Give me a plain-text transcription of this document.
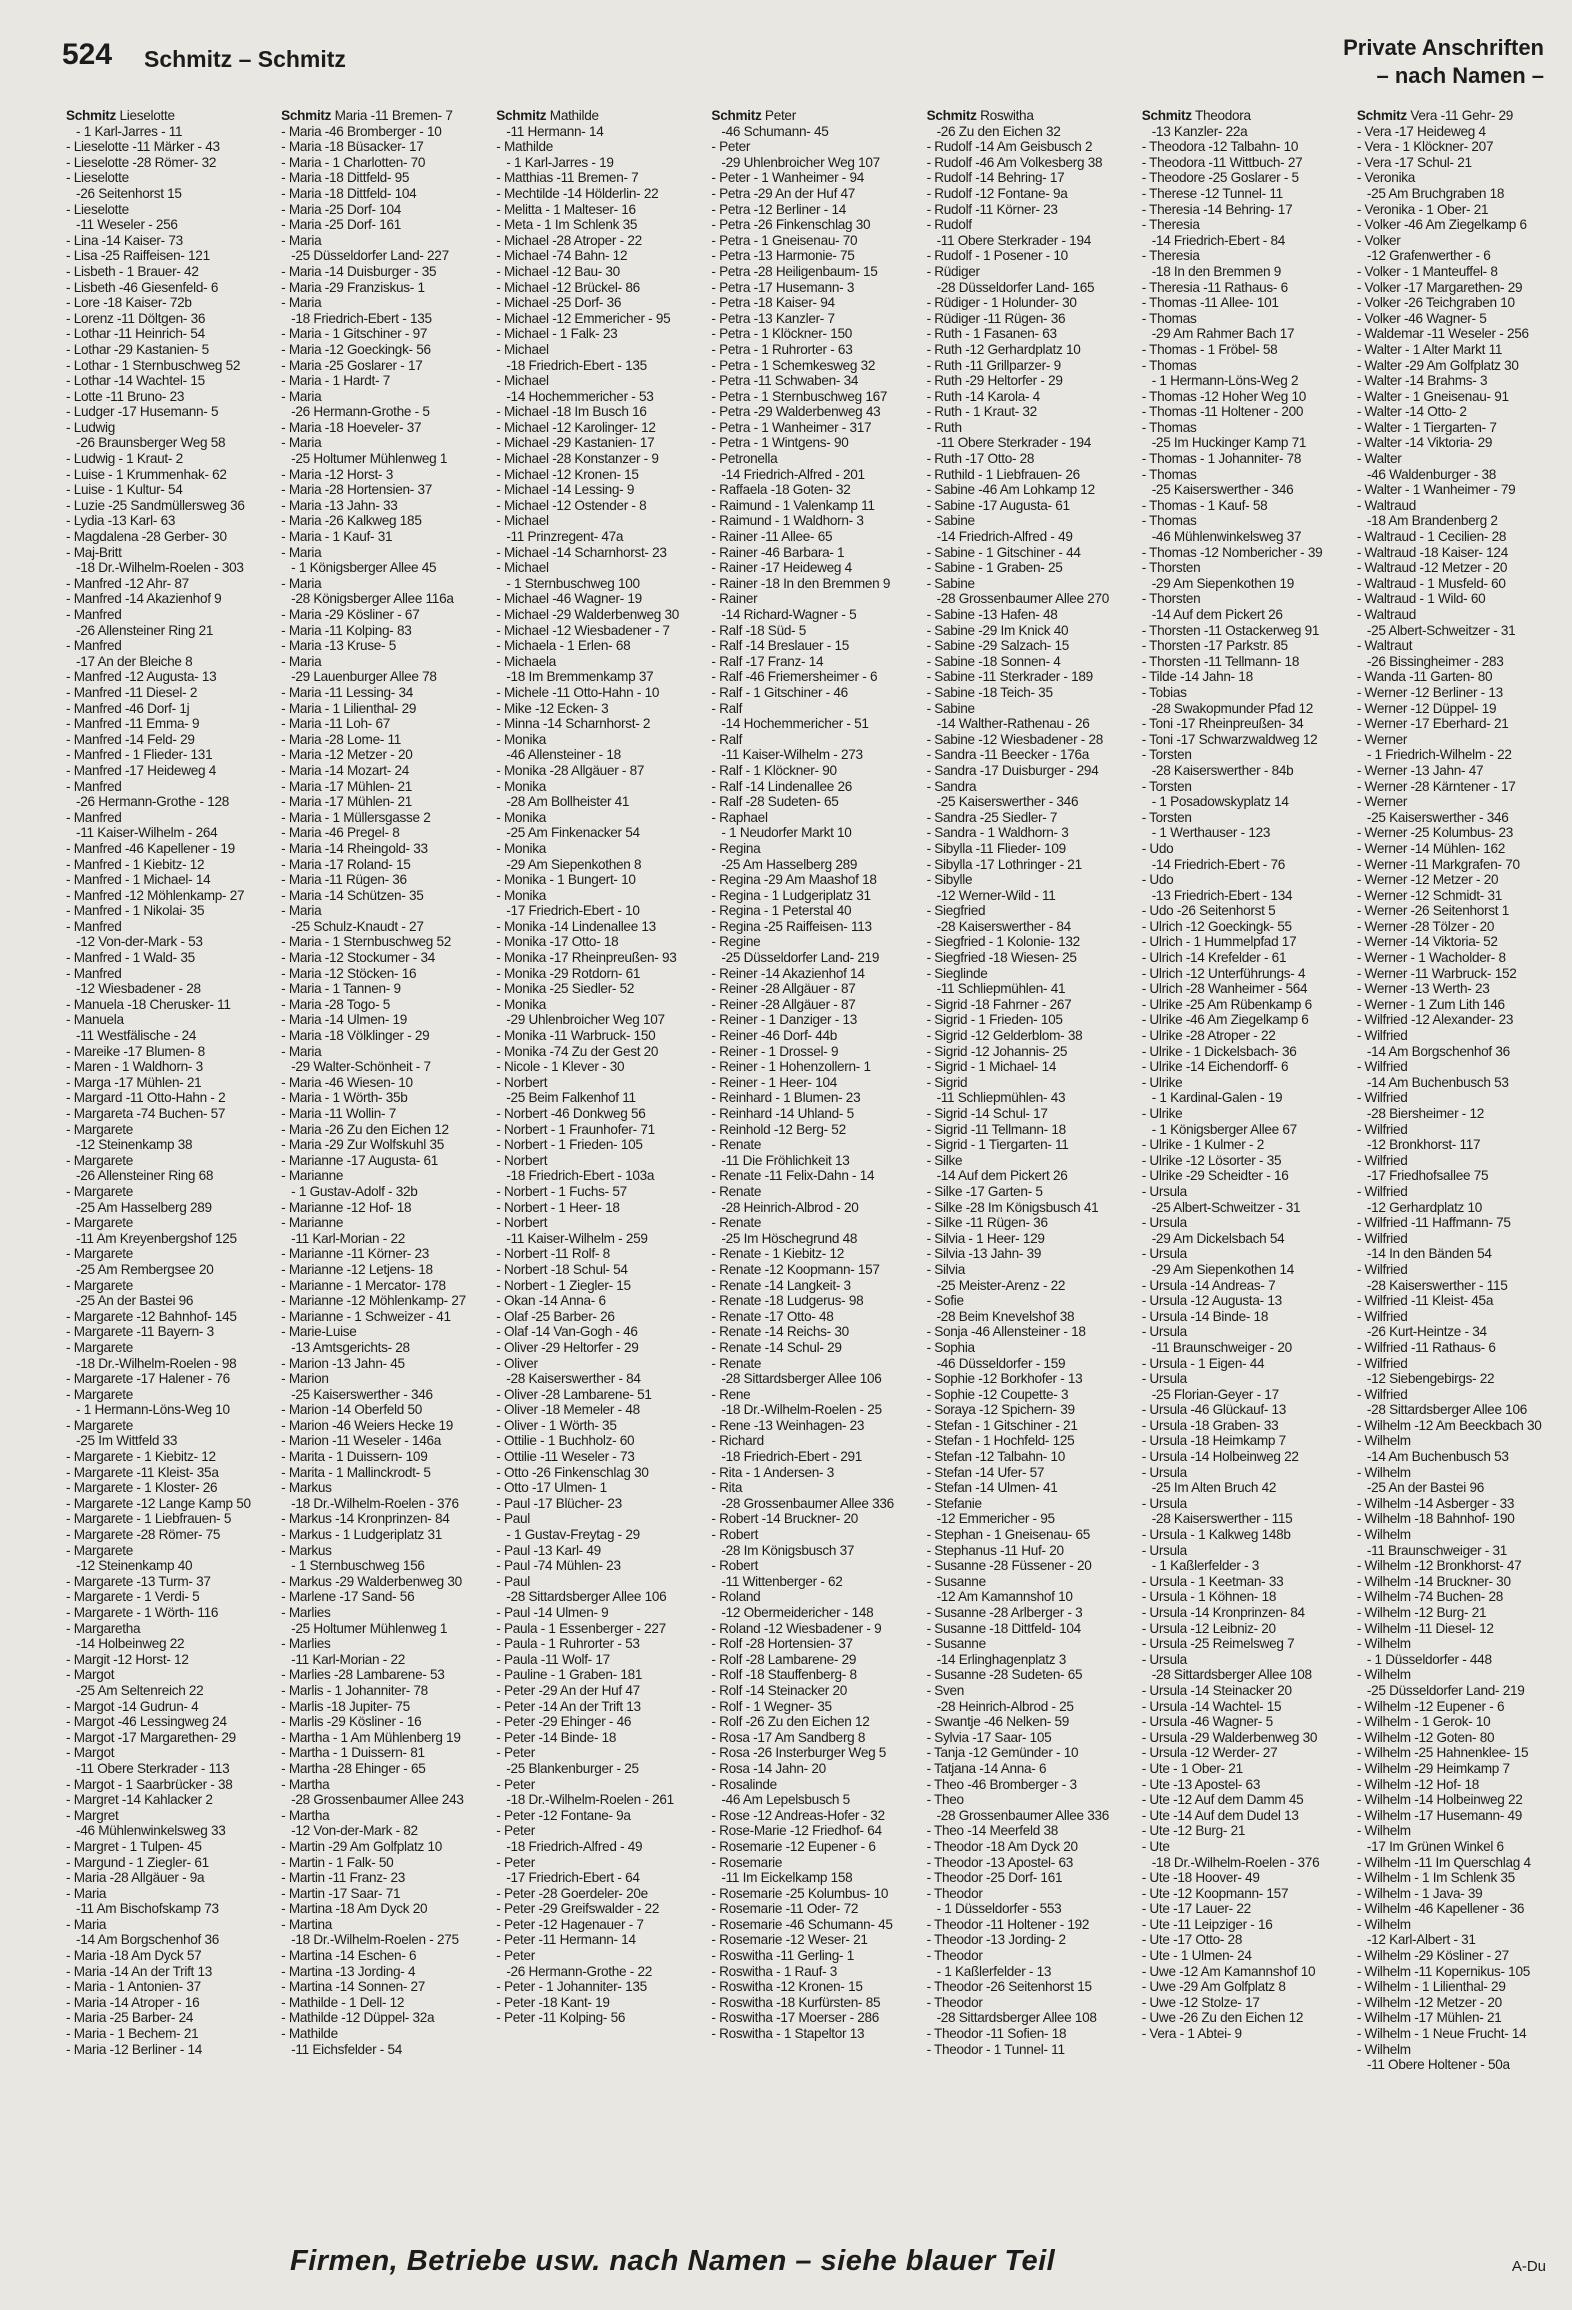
524 Schmitz – Schmitz	Private Anschriften
– nach Namen –
Schmitz Lieselotte
- 1 Karl-Jarres - 11
- Lieselotte -11 Märker - 43
- Lieselotte -28 Römer- 32
- Lieselotte
-26 Seitenhorst 15
- Lieselotte
-11 Weseler - 256
- Lina -14 Kaiser- 73
- Lisa -25 Raiffeisen- 121
- Lisbeth - 1 Brauer- 42
- Lisbeth -46 Giesenfeld- 6
- Lore -18 Kaiser- 72b
- Lorenz -11 Döltgen- 36
- Lothar -11 Heinrich- 54
- Lothar -29 Kastanien- 5
- Lothar - 1 Sternbuschweg 52
- Lothar -14 Wachtel- 15
- Lotte -11 Bruno- 23
- Ludger -17 Husemann- 5
- Ludwig
-26 Braunsberger Weg 58
- Ludwig - 1 Kraut- 2
- Luise - 1 Krummenhak- 62
- Luise - 1 Kultur- 54
- Luzie -25 Sandmüllersweg 36
- Lydia -13 Karl- 63
- Magdalena -28 Gerber- 30
- Maj-Britt
-18 Dr.-Wilhelm-Roelen - 303
- Manfred -12 Ahr- 87
- Manfred -14 Akazienhof 9
- Manfred
-26 Allensteiner Ring 21
- Manfred
-17 An der Bleiche 8
- Manfred -12 Augusta- 13
- Manfred -11 Diesel- 2
- Manfred -46 Dorf- 1j
- Manfred -11 Emma- 9
- Manfred -14 Feld- 29
- Manfred - 1 Flieder- 131
- Manfred -17 Heideweg 4
- Manfred
-26 Hermann-Grothe - 128
- Manfred
-11 Kaiser-Wilhelm - 264
- Manfred -46 Kapellener - 19
- Manfred - 1 Kiebitz- 12
- Manfred - 1 Michael- 14
- Manfred -12 Möhlenkamp- 27
- Manfred - 1 Nikolai- 35
- Manfred
-12 Von-der-Mark - 53
- Manfred - 1 Wald- 35
- Manfred
-12 Wiesbadener - 28
- Manuela -18 Cherusker- 11
- Manuela
-11 Westfälische - 24
- Mareike -17 Blumen- 8
- Maren - 1 Waldhorn- 3
- Marga -17 Mühlen- 21
- Margard -11 Otto-Hahn - 2
- Margareta -74 Buchen- 57
- Margarete
-12 Steinenkamp 38
- Margarete
-26 Allensteiner Ring 68
- Margarete
-25 Am Hasselberg 289
- Margarete
-11 Am Kreyenbergshof 125
- Margarete
-25 Am Rembergsee 20
- Margarete
-25 An der Bastei 96
- Margarete -12 Bahnhof- 145
- Margarete -11 Bayern- 3
- Margarete
-18 Dr.-Wilhelm-Roelen - 98
- Margarete -17 Halener - 76
- Margarete
- 1 Hermann-Löns-Weg 10
- Margarete
-25 Im Wittfeld 33
- Margarete - 1 Kiebitz- 12
- Margarete -11 Kleist- 35a
- Margarete - 1 Kloster- 26
- Margarete -12 Lange Kamp 50
- Margarete - 1 Liebfrauen- 5
- Margarete -28 Römer- 75
- Margarete
-12 Steinenkamp 40
- Margarete -13 Turm- 37
- Margarete - 1 Verdi- 5
- Margarete - 1 Wörth- 116
- Margaretha
-14 Holbeinweg 22
- Margit -12 Horst- 12
- Margot
-25 Am Seltenreich 22
- Margot -14 Gudrun- 4
- Margot -46 Lessingweg 24
- Margot -17 Margarethen- 29
- Margot
-11 Obere Sterkrader - 113
- Margot - 1 Saarbrücker - 38
- Margret -14 Kahlacker 2
- Margret
-46 Mühlenwinkelsweg 33
- Margret - 1 Tulpen- 45
- Margund - 1 Ziegler- 61
- Maria -28 Allgäuer - 9a
- Maria
-11 Am Bischofskamp 73
- Maria
-14 Am Borgschenhof 36
- Maria -18 Am Dyck 57
- Maria -14 An der Trift 13
- Maria - 1 Antonien- 37
- Maria -14 Atroper - 16
- Maria -25 Barber- 24
- Maria - 1 Bechem- 21
- Maria -12 Berliner - 14
Schmitz Maria -11 Bremen- 7
- Maria -46 Bromberger - 10
- Maria -18 Büsacker- 17
- Maria - 1 Charlotten- 70
- Maria -18 Dittfeld- 95
- Maria -18 Dittfeld- 104
- Maria -25 Dorf- 104
- Maria -25 Dorf- 161
- Maria
-25 Düsseldorfer Land- 227
- Maria -14 Duisburger - 35
- Maria -29 Franziskus- 1
- Maria
-18 Friedrich-Ebert - 135
- Maria - 1 Gitschiner - 97
- Maria -12 Goeckingk- 56
- Maria -25 Goslarer - 17
- Maria - 1 Hardt- 7
- Maria
-26 Hermann-Grothe - 5
- Maria -18 Hoeveler- 37
- Maria
-25 Holtumer Mühlenweg 1
- Maria -12 Horst- 3
- Maria -28 Hortensien- 37
- Maria -13 Jahn- 33
- Maria -26 Kalkweg 185
- Maria - 1 Kauf- 31
- Maria
- 1 Königsberger Allee 45
- Maria
-28 Königsberger Allee 116a
- Maria -29 Kösliner - 67
- Maria -11 Kolping- 83
- Maria -13 Kruse- 5
- Maria
-29 Lauenburger Allee 78
- Maria -11 Lessing- 34
- Maria - 1 Lilienthal- 29
- Maria -11 Loh- 67
- Maria -28 Lome- 11
- Maria -12 Metzer - 20
- Maria -14 Mozart- 24
- Maria -17 Mühlen- 21
- Maria -17 Mühlen- 21
- Maria - 1 Müllersgasse 2
- Maria -46 Pregel- 8
- Maria -14 Rheingold- 33
- Maria -17 Roland- 15
- Maria -11 Rügen- 36
- Maria -14 Schützen- 35
- Maria
-25 Schulz-Knaudt - 27
- Maria - 1 Sternbuschweg 52
- Maria -12 Stockumer - 34
- Maria -12 Stöcken- 16
- Maria - 1 Tannen- 9
- Maria -28 Togo- 5
- Maria -14 Ulmen- 19
- Maria -18 Völklinger - 29
- Maria
-29 Walter-Schönheit - 7
- Maria -46 Wiesen- 10
- Maria - 1 Wörth- 35b
- Maria -11 Wollin- 7
- Maria -26 Zu den Eichen 12
- Maria -29 Zur Wolfskuhl 35
- Marianne -17 Augusta- 61
- Marianne
- 1 Gustav-Adolf - 32b
- Marianne -12 Hof- 18
- Marianne
-11 Karl-Morian - 22
- Marianne -11 Körner- 23
- Marianne -12 Letjens- 18
- Marianne - 1 Mercator- 178
- Marianne -12 Möhlenkamp- 27
- Marianne - 1 Schweizer - 41
- Marie-Luise
-13 Amtsgerichts- 28
- Marion -13 Jahn- 45
- Marion
-25 Kaiserswerther - 346
- Marion -14 Oberfeld 50
- Marion -46 Weiers Hecke 19
- Marion -11 Weseler - 146a
- Marita - 1 Duissern- 109
- Marita - 1 Mallinckrodt- 5
- Markus
-18 Dr.-Wilhelm-Roelen - 376
- Markus -14 Kronprinzen- 84
- Markus - 1 Ludgeriplatz 31
- Markus
- 1 Sternbuschweg 156
- Markus -29 Walderbenweg 30
- Marlene -17 Sand- 56
- Marlies
-25 Holtumer Mühlenweg 1
- Marlies
-11 Karl-Morian - 22
- Marlies -28 Lambarene- 53
- Marlis - 1 Johanniter- 78
- Marlis -18 Jupiter- 75
- Marlis -29 Kösliner - 16
- Martha - 1 Am Mühlenberg 19
- Martha - 1 Duissern- 81
- Martha -28 Ehinger - 65
- Martha
-28 Grossenbaumer Allee 243
- Martha
-12 Von-der-Mark - 82
- Martin -29 Am Golfplatz 10
- Martin - 1 Falk- 50
- Martin -11 Franz- 23
- Martin -17 Saar- 71
- Martina -18 Am Dyck 20
- Martina
-18 Dr.-Wilhelm-Roelen - 275
- Martina -14 Eschen- 6
- Martina -13 Jording- 4
- Martina -14 Sonnen- 27
- Mathilde - 1 Dell- 12
- Mathilde -12 Düppel- 32a
- Mathilde
-11 Eichsfelder - 54
Schmitz Mathilde
-11 Hermann- 14
- Mathilde
- 1 Karl-Jarres - 19
- Matthias -11 Bremen- 7
- Mechtilde -14 Hölderlin- 22
- Melitta - 1 Malteser- 16
- Meta - 1 Im Schlenk 35
- Michael -28 Atroper - 22
- Michael -74 Bahn- 12
- Michael -12 Bau- 30
- Michael -12 Brückel- 86
- Michael -25 Dorf- 36
- Michael -12 Emmericher - 95
- Michael - 1 Falk- 23
- Michael
-18 Friedrich-Ebert - 135
- Michael
-14 Hochemmericher - 53
- Michael -18 Im Busch 16
- Michael -12 Karolinger- 12
- Michael -29 Kastanien- 17
- Michael -28 Konstanzer - 9
- Michael -12 Kronen- 15
- Michael -14 Lessing- 9
- Michael -12 Ostender - 8
- Michael
-11 Prinzregent- 47a
- Michael -14 Scharnhorst- 23
- Michael
- 1 Sternbuschweg 100
- Michael -46 Wagner- 19
- Michael -29 Walderbenweg 30
- Michael -12 Wiesbadener - 7
- Michaela - 1 Erlen- 68
- Michaela
-18 Im Bremmenkamp 37
- Michele -11 Otto-Hahn - 10
- Mike -12 Ecken- 3
- Minna -14 Scharnhorst- 2
- Monika
-46 Allensteiner - 18
- Monika -28 Allgäuer - 87
- Monika
-28 Am Bollheister 41
- Monika
-25 Am Finkenacker 54
- Monika
-29 Am Siepenkothen 8
- Monika - 1 Bungert- 10
- Monika
-17 Friedrich-Ebert - 10
- Monika -14 Lindenallee 13
- Monika -17 Otto- 18
- Monika -17 Rheinpreußen- 93
- Monika -29 Rotdorn- 61
- Monika -25 Siedler- 52
- Monika
-29 Uhlenbroicher Weg 107
- Monika -11 Warbruck- 150
- Monika -74 Zu der Gest 20
- Nicole - 1 Klever - 30
- Norbert
-25 Beim Falkenhof 11
- Norbert -46 Donkweg 56
- Norbert - 1 Fraunhofer- 71
- Norbert - 1 Frieden- 105
- Norbert
-18 Friedrich-Ebert - 103a
- Norbert - 1 Fuchs- 57
- Norbert - 1 Heer- 18
- Norbert
-11 Kaiser-Wilhelm - 259
- Norbert -11 Rolf- 8
- Norbert -18 Schul- 54
- Norbert - 1 Ziegler- 15
- Okan -14 Anna- 6
- Olaf -25 Barber- 26
- Olaf -14 Van-Gogh - 46
- Oliver -29 Heltorfer - 29
- Oliver
-28 Kaiserswerther - 84
- Oliver -28 Lambarene- 51
- Oliver -18 Memeler - 48
- Oliver - 1 Wörth- 35
- Ottilie - 1 Buchholz- 60
- Ottilie -11 Weseler - 73
- Otto -26 Finkenschlag 30
- Otto -17 Ulmen- 1
- Paul -17 Blücher- 23
- Paul
- 1 Gustav-Freytag - 29
- Paul -13 Karl- 49
- Paul -74 Mühlen- 23
- Paul
-28 Sittardsberger Allee 106
- Paul -14 Ulmen- 9
- Paula - 1 Essenberger - 227
- Paula - 1 Ruhrorter - 53
- Paula -11 Wolf- 17
- Pauline - 1 Graben- 181
- Peter -29 An der Huf 47
- Peter -14 An der Trift 13
- Peter -29 Ehinger - 46
- Peter -14 Binde- 18
- Peter
-25 Blankenburger - 25
- Peter
-18 Dr.-Wilhelm-Roelen - 261
- Peter -12 Fontane- 9a
- Peter
-18 Friedrich-Alfred - 49
- Peter
-17 Friedrich-Ebert - 64
- Peter -28 Goerdeler- 20e
- Peter -29 Greifswalder - 22
- Peter -12 Hagenauer - 7
- Peter -11 Hermann- 14
- Peter
-26 Hermann-Grothe - 22
- Peter - 1 Johanniter- 135
- Peter -18 Kant- 19
- Peter -11 Kolping- 56
Schmitz Peter
-46 Schumann- 45
- Peter
-29 Uhlenbroicher Weg 107
- Peter - 1 Wanheimer - 94
- Petra -29 An der Huf 47
- Petra -12 Berliner - 14
- Petra -26 Finkenschlag 30
- Petra - 1 Gneisenau- 70
- Petra -13 Harmonie- 75
- Petra -28 Heiligenbaum- 15
- Petra -17 Husemann- 3
- Petra -18 Kaiser- 94
- Petra -13 Kanzler- 7
- Petra - 1 Klöckner- 150
- Petra - 1 Ruhrorter - 63
- Petra - 1 Schemkesweg 32
- Petra -11 Schwaben- 34
- Petra - 1 Sternbuschweg 167
- Petra -29 Walderbenweg 43
- Petra - 1 Wanheimer - 317
- Petra - 1 Wintgens- 90
- Petronella
-14 Friedrich-Alfred - 201
- Raffaela -18 Goten- 32
- Raimund - 1 Valenkamp 11
- Raimund - 1 Waldhorn- 3
- Rainer -11 Allee- 65
- Rainer -46 Barbara- 1
- Rainer -17 Heideweg 4
- Rainer -18 In den Bremmen 9
- Rainer
-14 Richard-Wagner - 5
- Ralf -18 Süd- 5
- Ralf -14 Breslauer - 15
- Ralf -17 Franz- 14
- Ralf -46 Friemersheimer - 6
- Ralf - 1 Gitschiner - 46
- Ralf
-14 Hochemmericher - 51
- Ralf
-11 Kaiser-Wilhelm - 273
- Ralf - 1 Klöckner- 90
- Ralf -14 Lindenallee 26
- Ralf -28 Sudeten- 65
- Raphael
- 1 Neudorfer Markt 10
- Regina
-25 Am Hasselberg 289
- Regina -29 Am Maashof 18
- Regina - 1 Ludgeriplatz 31
- Regina - 1 Peterstal 40
- Regina -25 Raiffeisen- 113
- Regine
-25 Düsseldorfer Land- 219
- Reiner -14 Akazienhof 14
- Reiner -28 Allgäuer - 87
- Reiner -28 Allgäuer - 87
- Reiner - 1 Danziger - 13
- Reiner -46 Dorf- 44b
- Reiner - 1 Drossel- 9
- Reiner - 1 Hohenzollern- 1
- Reiner - 1 Heer- 104
- Reinhard - 1 Blumen- 23
- Reinhard -14 Uhland- 5
- Reinhold -12 Berg- 52
- Renate
-11 Die Fröhlichkeit 13
- Renate -11 Felix-Dahn - 14
- Renate
-28 Heinrich-Albrod - 20
- Renate
-25 Im Höschegrund 48
- Renate - 1 Kiebitz- 12
- Renate -12 Koopmann- 157
- Renate -14 Langkeit- 3
- Renate -18 Ludgerus- 98
- Renate -17 Otto- 48
- Renate -14 Reichs- 30
- Renate -14 Schul- 29
- Renate
-28 Sittardsberger Allee 106
- Rene
-18 Dr.-Wilhelm-Roelen - 25
- Rene -13 Weinhagen- 23
- Richard
-18 Friedrich-Ebert - 291
- Rita - 1 Andersen- 3
- Rita
-28 Grossenbaumer Allee 336
- Robert -14 Bruckner- 20
- Robert
-28 Im Königsbusch 37
- Robert
-11 Wittenberger - 62
- Roland
-12 Obermeidericher - 148
- Roland -12 Wiesbadener - 9
- Rolf -28 Hortensien- 37
- Rolf -28 Lambarene- 29
- Rolf -18 Stauffenberg- 8
- Rolf -14 Steinacker 20
- Rolf - 1 Wegner- 35
- Rolf -26 Zu den Eichen 12
- Rosa -17 Am Sandberg 8
- Rosa -26 Insterburger Weg 5
- Rosa -14 Jahn- 20
- Rosalinde
-46 Am Lepelsbusch 5
- Rose -12 Andreas-Hofer - 32
- Rose-Marie -12 Friedhof- 64
- Rosemarie -12 Eupener - 6
- Rosemarie
-11 Im Eickelkamp 158
- Rosemarie -25 Kolumbus- 10
- Rosemarie -11 Oder- 72
- Rosemarie -46 Schumann- 45
- Rosemarie -12 Weser- 21
- Roswitha -11 Gerling- 1
- Roswitha - 1 Rauf- 3
- Roswitha -12 Kronen- 15
- Roswitha -18 Kurfürsten- 85
- Roswitha -17 Moerser - 286
- Roswitha - 1 Stapeltor 13
Schmitz Roswitha
-26 Zu den Eichen 32
- Rudolf -14 Am Geisbusch 2
- Rudolf -46 Am Volkesberg 38
- Rudolf -14 Behring- 17
- Rudolf -12 Fontane- 9a
- Rudolf -11 Körner- 23
- Rudolf
-11 Obere Sterkrader - 194
- Rudolf - 1 Posener - 10
- Rüdiger
-28 Düsseldorfer Land- 165
- Rüdiger - 1 Holunder- 30
- Rüdiger -11 Rügen- 36
- Ruth - 1 Fasanen- 63
- Ruth -12 Gerhardplatz 10
- Ruth -11 Grillparzer- 9
- Ruth -29 Heltorfer - 29
- Ruth -14 Karola- 4
- Ruth - 1 Kraut- 32
- Ruth
-11 Obere Sterkrader - 194
- Ruth -17 Otto- 28
- Ruthild - 1 Liebfrauen- 26
- Sabine -46 Am Lohkamp 12
- Sabine -17 Augusta- 61
- Sabine
-14 Friedrich-Alfred - 49
- Sabine - 1 Gitschiner - 44
- Sabine - 1 Graben- 25
- Sabine
-28 Grossenbaumer Allee 270
- Sabine -13 Hafen- 48
- Sabine -29 Im Knick 40
- Sabine -29 Salzach- 15
- Sabine -18 Sonnen- 4
- Sabine -11 Sterkrader - 189
- Sabine -18 Teich- 35
- Sabine
-14 Walther-Rathenau - 26
- Sabine -12 Wiesbadener - 28
- Sandra -11 Beecker - 176a
- Sandra -17 Duisburger - 294
- Sandra
-25 Kaiserswerther - 346
- Sandra -25 Siedler- 7
- Sandra - 1 Waldhorn- 3
- Sibylla -11 Flieder- 109
- Sibylla -17 Lothringer - 21
- Sibylle
-12 Werner-Wild - 11
- Siegfried
-28 Kaiserswerther - 84
- Siegfried - 1 Kolonie- 132
- Siegfried -18 Wiesen- 25
- Sieglinde
-11 Schliepmühlen- 41
- Sigrid -18 Fahrner - 267
- Sigrid - 1 Frieden- 105
- Sigrid -12 Gelderblom- 38
- Sigrid -12 Johannis- 25
- Sigrid - 1 Michael- 14
- Sigrid
-11 Schliepmühlen- 43
- Sigrid -14 Schul- 17
- Sigrid -11 Tellmann- 18
- Sigrid - 1 Tiergarten- 11
- Silke
-14 Auf dem Pickert 26
- Silke -17 Garten- 5
- Silke -28 Im Königsbusch 41
- Silke -11 Rügen- 36
- Silvia - 1 Heer- 129
- Silvia -13 Jahn- 39
- Silvia
-25 Meister-Arenz - 22
- Sofie
-28 Beim Knevelshof 38
- Sonja -46 Allensteiner - 18
- Sophia
-46 Düsseldorfer - 159
- Sophie -12 Borkhofer - 13
- Sophie -12 Coupette- 3
- Soraya -12 Spichern- 39
- Stefan - 1 Gitschiner - 21
- Stefan - 1 Hochfeld- 125
- Stefan -12 Talbahn- 10
- Stefan -14 Ufer- 57
- Stefan -14 Ulmen- 41
- Stefanie
-12 Emmericher - 95
- Stephan - 1 Gneisenau- 65
- Stephanus -11 Huf- 20
- Susanne -28 Füssener - 20
- Susanne
-12 Am Kamannshof 10
- Susanne -28 Arlberger - 3
- Susanne -18 Dittfeld- 104
- Susanne
-14 Erlinghagenplatz 3
- Susanne -28 Sudeten- 65
- Sven
-28 Heinrich-Albrod - 25
- Swantje -46 Nelken- 59
- Sylvia -17 Saar- 105
- Tanja -12 Gemünder - 10
- Tatjana -14 Anna- 6
- Theo -46 Bromberger - 3
- Theo
-28 Grossenbaumer Allee 336
- Theo -14 Meerfeld 38
- Theodor -18 Am Dyck 20
- Theodor -13 Apostel- 63
- Theodor -25 Dorf- 161
- Theodor
- 1 Düsseldorfer - 553
- Theodor -11 Holtener - 192
- Theodor -13 Jording- 2
- Theodor
- 1 Kaßlerfelder - 13
- Theodor -26 Seitenhorst 15
- Theodor
-28 Sittardsberger Allee 108
- Theodor -11 Sofien- 18
- Theodor - 1 Tunnel- 11
Schmitz Theodora
-13 Kanzler- 22a
- Theodora -12 Talbahn- 10
- Theodora -11 Wittbuch- 27
- Theodore -25 Goslarer - 5
- Therese -12 Tunnel- 11
- Theresia -14 Behring- 17
- Theresia
-14 Friedrich-Ebert - 84
- Theresia
-18 In den Bremmen 9
- Theresia -11 Rathaus- 6
- Thomas -11 Allee- 101
- Thomas
-29 Am Rahmer Bach 17
- Thomas - 1 Fröbel- 58
- Thomas
- 1 Hermann-Löns-Weg 2
- Thomas -12 Hoher Weg 10
- Thomas -11 Holtener - 200
- Thomas
-25 Im Huckinger Kamp 71
- Thomas - 1 Johanniter- 78
- Thomas
-25 Kaiserswerther - 346
- Thomas - 1 Kauf- 58
- Thomas
-46 Mühlenwinkelsweg 37
- Thomas -12 Nombericher - 39
- Thorsten
-29 Am Siepenkothen 19
- Thorsten
-14 Auf dem Pickert 26
- Thorsten -11 Ostackerweg 91
- Thorsten -17 Parkstr. 85
- Thorsten -11 Tellmann- 18
- Tilde -14 Jahn- 18
- Tobias
-28 Swakopmunder Pfad 12
- Toni -17 Rheinpreußen- 34
- Toni -17 Schwarzwaldweg 12
- Torsten
-28 Kaiserswerther - 84b
- Torsten
- 1 Posadowskyplatz 14
- Torsten
- 1 Werthauser - 123
- Udo
-14 Friedrich-Ebert - 76
- Udo
-13 Friedrich-Ebert - 134
- Udo -26 Seitenhorst 5
- Ulrich -12 Goeckingk- 55
- Ulrich - 1 Hummelpfad 17
- Ulrich -14 Krefelder - 61
- Ulrich -12 Unterführungs- 4
- Ulrich -28 Wanheimer - 564
- Ulrike -25 Am Rübenkamp 6
- Ulrike -46 Am Ziegelkamp 6
- Ulrike -28 Atroper - 22
- Ulrike - 1 Dickelsbach- 36
- Ulrike -14 Eichendorff- 6
- Ulrike
- 1 Kardinal-Galen - 19
- Ulrike
- 1 Königsberger Allee 67
- Ulrike - 1 Kulmer - 2
- Ulrike -12 Lösorter - 35
- Ulrike -29 Scheidter - 16
- Ursula
-25 Albert-Schweitzer - 31
- Ursula
-29 Am Dickelsbach 54
- Ursula
-29 Am Siepenkothen 14
- Ursula -14 Andreas- 7
- Ursula -12 Augusta- 13
- Ursula -14 Binde- 18
- Ursula
-11 Braunschweiger - 20
- Ursula - 1 Eigen- 44
- Ursula
-25 Florian-Geyer - 17
- Ursula -46 Glückauf- 13
- Ursula -18 Graben- 33
- Ursula -18 Heimkamp 7
- Ursula -14 Holbeinweg 22
- Ursula
-25 Im Alten Bruch 42
- Ursula
-28 Kaiserswerther - 115
- Ursula - 1 Kalkweg 148b
- Ursula
- 1 Kaßlerfelder - 3
- Ursula - 1 Keetman- 33
- Ursula - 1 Köhnen- 18
- Ursula -14 Kronprinzen- 84
- Ursula -12 Leibniz- 20
- Ursula -25 Reimelsweg 7
- Ursula
-28 Sittardsberger Allee 108
- Ursula -14 Steinacker 20
- Ursula -14 Wachtel- 15
- Ursula -46 Wagner- 5
- Ursula -29 Walderbenweg 30
- Ursula -12 Werder- 27
- Ute - 1 Ober- 21
- Ute -13 Apostel- 63
- Ute -12 Auf dem Damm 45
- Ute -14 Auf dem Dudel 13
- Ute -12 Burg- 21
- Ute
-18 Dr.-Wilhelm-Roelen - 376
- Ute -18 Hoover- 49
- Ute -12 Koopmann- 157
- Ute -17 Lauer- 22
- Ute -11 Leipziger - 16
- Ute -17 Otto- 28
- Ute - 1 Ulmen- 24
- Uwe -12 Am Kamannshof 10
- Uwe -29 Am Golfplatz 8
- Uwe -12 Stolze- 17
- Uwe -26 Zu den Eichen 12
- Vera - 1 Abtei- 9
Schmitz Vera -11 Gehr- 29
- Vera -17 Heideweg 4
- Vera - 1 Klöckner- 207
- Vera -17 Schul- 21
- Veronika
-25 Am Bruchgraben 18
- Veronika - 1 Ober- 21
- Volker -46 Am Ziegelkamp 6
- Volker
-12 Grafenwerther - 6
- Volker - 1 Manteuffel- 8
- Volker -17 Margarethen- 29
- Volker -26 Teichgraben 10
- Volker -46 Wagner- 5
- Waldemar -11 Weseler - 256
- Walter - 1 Alter Markt 11
- Walter -29 Am Golfplatz 30
- Walter -14 Brahms- 3
- Walter - 1 Gneisenau- 91
- Walter -14 Otto- 2
- Walter - 1 Tiergarten- 7
- Walter -14 Viktoria- 29
- Walter
-46 Waldenburger - 38
- Walter - 1 Wanheimer - 79
- Waltraud
-18 Am Brandenberg 2
- Waltraud - 1 Cecilien- 28
- Waltraud -18 Kaiser- 124
- Waltraud -12 Metzer - 20
- Waltraud - 1 Musfeld- 60
- Waltraud - 1 Wild- 60
- Waltraud
-25 Albert-Schweitzer - 31
- Waltraut
-26 Bissingheimer - 283
- Wanda -11 Garten- 80
- Werner -12 Berliner - 13
- Werner -12 Düppel- 19
- Werner -17 Eberhard- 21
- Werner
- 1 Friedrich-Wilhelm - 22
- Werner -13 Jahn- 47
- Werner -28 Kärntener - 17
- Werner
-25 Kaiserswerther - 346
- Werner -25 Kolumbus- 23
- Werner -14 Mühlen- 162
- Werner -11 Markgrafen- 70
- Werner -12 Metzer - 20
- Werner -12 Schmidt- 31
- Werner -26 Seitenhorst 1
- Werner -28 Tölzer - 20
- Werner -14 Viktoria- 52
- Werner - 1 Wacholder- 8
- Werner -11 Warbruck- 152
- Werner -13 Werth- 23
- Werner - 1 Zum Lith 146
- Wilfried -12 Alexander- 23
- Wilfried
-14 Am Borgschenhof 36
- Wilfried
-14 Am Buchenbusch 53
- Wilfried
-28 Biersheimer - 12
- Wilfried
-12 Bronkhorst- 117
- Wilfried
-17 Friedhofsallee 75
- Wilfried
-12 Gerhardplatz 10
- Wilfried -11 Haffmann- 75
- Wilfried
-14 In den Bänden 54
- Wilfried
-28 Kaiserswerther - 115
- Wilfried -11 Kleist- 45a
- Wilfried
-26 Kurt-Heintze - 34
- Wilfried -11 Rathaus- 6
- Wilfried
-12 Siebengebirgs- 22
- Wilfried
-28 Sittardsberger Allee 106
- Wilhelm -12 Am Beeckbach 30
- Wilhelm
-14 Am Buchenbusch 53
- Wilhelm
-25 An der Bastei 96
- Wilhelm -14 Asberger - 33
- Wilhelm -18 Bahnhof- 190
- Wilhelm
-11 Braunschweiger - 31
- Wilhelm -12 Bronkhorst- 47
- Wilhelm -14 Bruckner- 30
- Wilhelm -74 Buchen- 28
- Wilhelm -12 Burg- 21
- Wilhelm -11 Diesel- 12
- Wilhelm
- 1 Düsseldorfer - 448
- Wilhelm
-25 Düsseldorfer Land- 219
- Wilhelm -12 Eupener - 6
- Wilhelm - 1 Gerok- 10
- Wilhelm -12 Goten- 80
- Wilhelm -25 Hahnenklee- 15
- Wilhelm -29 Heimkamp 7
- Wilhelm -12 Hof- 18
- Wilhelm -14 Holbeinweg 22
- Wilhelm -17 Husemann- 49
- Wilhelm
-17 Im Grünen Winkel 6
- Wilhelm -11 Im Querschlag 4
- Wilhelm - 1 Im Schlenk 35
- Wilhelm - 1 Java- 39
- Wilhelm -46 Kapellener - 36
- Wilhelm
-12 Karl-Albert - 31
- Wilhelm -29 Kösliner - 27
- Wilhelm -11 Kopernikus- 105
- Wilhelm - 1 Lilienthal- 29
- Wilhelm -12 Metzer - 20
- Wilhelm -17 Mühlen- 21
- Wilhelm - 1 Neue Frucht- 14
- Wilhelm
-11 Obere Holtener - 50a
Firmen, Betriebe usw. nach Namen – siehe blauer Teil	A-Du
